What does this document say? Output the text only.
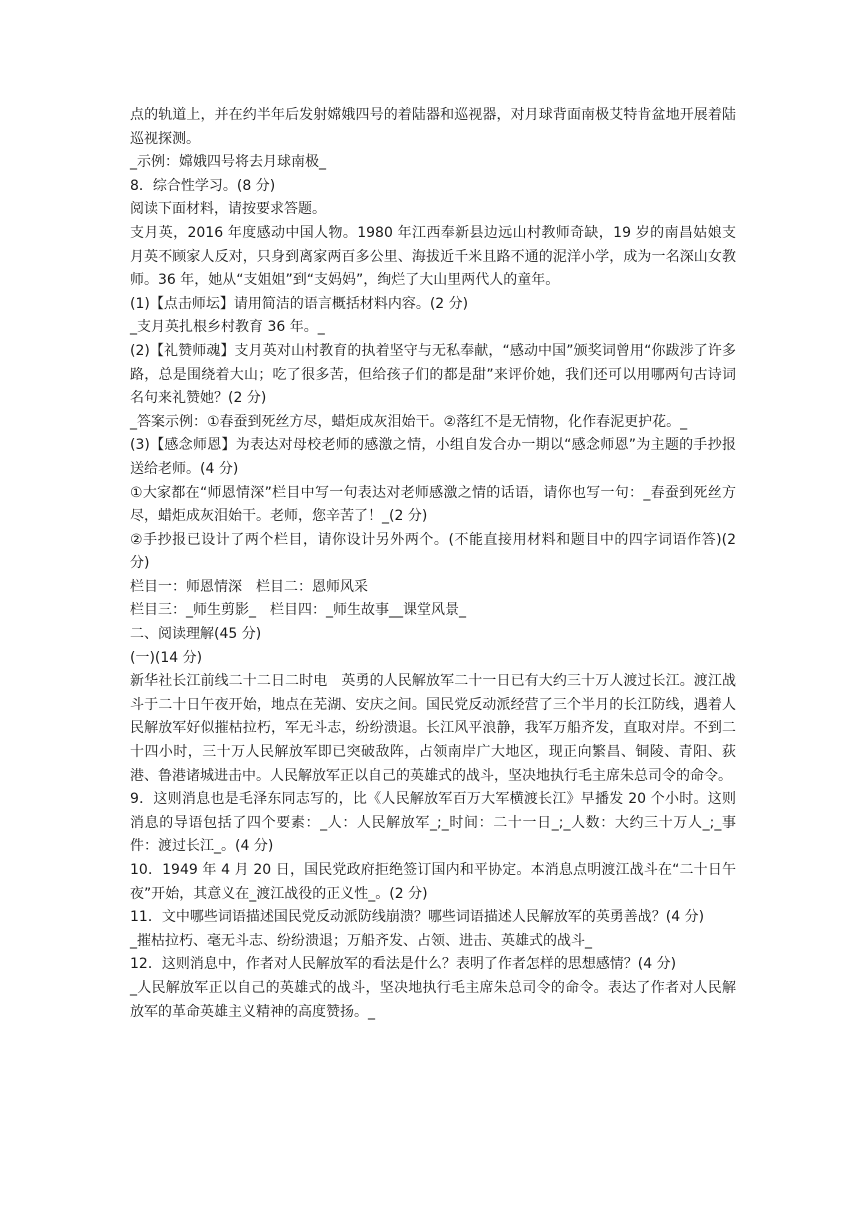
点的轨道上，并在约半年后发射嫦娥四号的着陆器和巡视器，对月球背面南极艾特肯盆地开展着陆巡视探测。

_示例：嫦娥四号将去月球南极_

8．综合性学习。(8 分)

阅读下面材料，请按要求答题。

支月英，2016 年度感动中国人物。1980 年江西奉新县边远山村教师奇缺，19 岁的南昌姑娘支月英不顾家人反对，只身到离家两百多公里、海拔近千米且路不通的泥洋小学，成为一名深山女教师。36 年，她从“支姐姐”到“支妈妈”，绚烂了大山里两代人的童年。

(1)【点击师坛】请用简洁的语言概括材料内容。(2 分)

_支月英扎根乡村教育 36 年。_

(2)【礼赞师魂】支月英对山村教育的执着坚守与无私奉献，“感动中国”颁奖词曾用“你跋涉了许多路，总是围绕着大山；吃了很多苦，但给孩子们的都是甜”来评价她，我们还可以用哪两句古诗词名句来礼赞她？(2 分)

_答案示例：①春蚕到死丝方尽，蜡炬成灰泪始干。②落红不是无情物，化作春泥更护花。_

(3)【感念师恩】为表达对母校老师的感激之情，小组自发合办一期以“感念师恩”为主题的手抄报送给老师。(4 分)

①大家都在“师恩情深”栏目中写一句表达对老师感激之情的话语，请你也写一句：_春蚕到死丝方尽，蜡炬成灰泪始干。老师，您辛苦了！_(2 分)

②手抄报已设计了两个栏目，请你设计另外两个。(不能直接用材料和题目中的四字词语作答)(2 分)

栏目一：师恩情深　栏目二：恩师风采

栏目三：_师生剪影_　栏目四：_师生故事__课堂风景_

二、阅读理解(45 分)

(一)(14 分)

新华社长江前线二十二日二时电　英勇的人民解放军二十一日已有大约三十万人渡过长江。渡江战斗于二十日午夜开始，地点在芜湖、安庆之间。国民党反动派经营了三个半月的长江防线，遇着人民解放军好似摧枯拉朽，军无斗志，纷纷溃退。长江风平浪静，我军万船齐发，直取对岸。不到二十四小时，三十万人民解放军即已突破敌阵，占领南岸广大地区，现正向繁昌、铜陵、青阳、荻港、鲁港诸城进击中。人民解放军正以自己的英雄式的战斗，坚决地执行毛主席朱总司令的命令。

9．这则消息也是毛泽东同志写的，比《人民解放军百万大军横渡长江》早播发 20 个小时。这则消息的导语包括了四个要素：_人：人民解放军_;_时间：二十一日_;_人数：大约三十万人_;_事件：渡过长江_。(4 分)

10．1949 年 4 月 20 日，国民党政府拒绝签订国内和平协定。本消息点明渡江战斗在“二十日午夜”开始，其意义在_渡江战役的正义性_。(2 分)

11．文中哪些词语描述国民党反动派防线崩溃？哪些词语描述人民解放军的英勇善战？(4 分)

_摧枯拉朽、毫无斗志、纷纷溃退；万船齐发、占领、进击、英雄式的战斗_

12．这则消息中，作者对人民解放军的看法是什么？表明了作者怎样的思想感情？(4 分)

_人民解放军正以自己的英雄式的战斗，坚决地执行毛主席朱总司令的命令。表达了作者对人民解放军的革命英雄主义精神的高度赞扬。_
